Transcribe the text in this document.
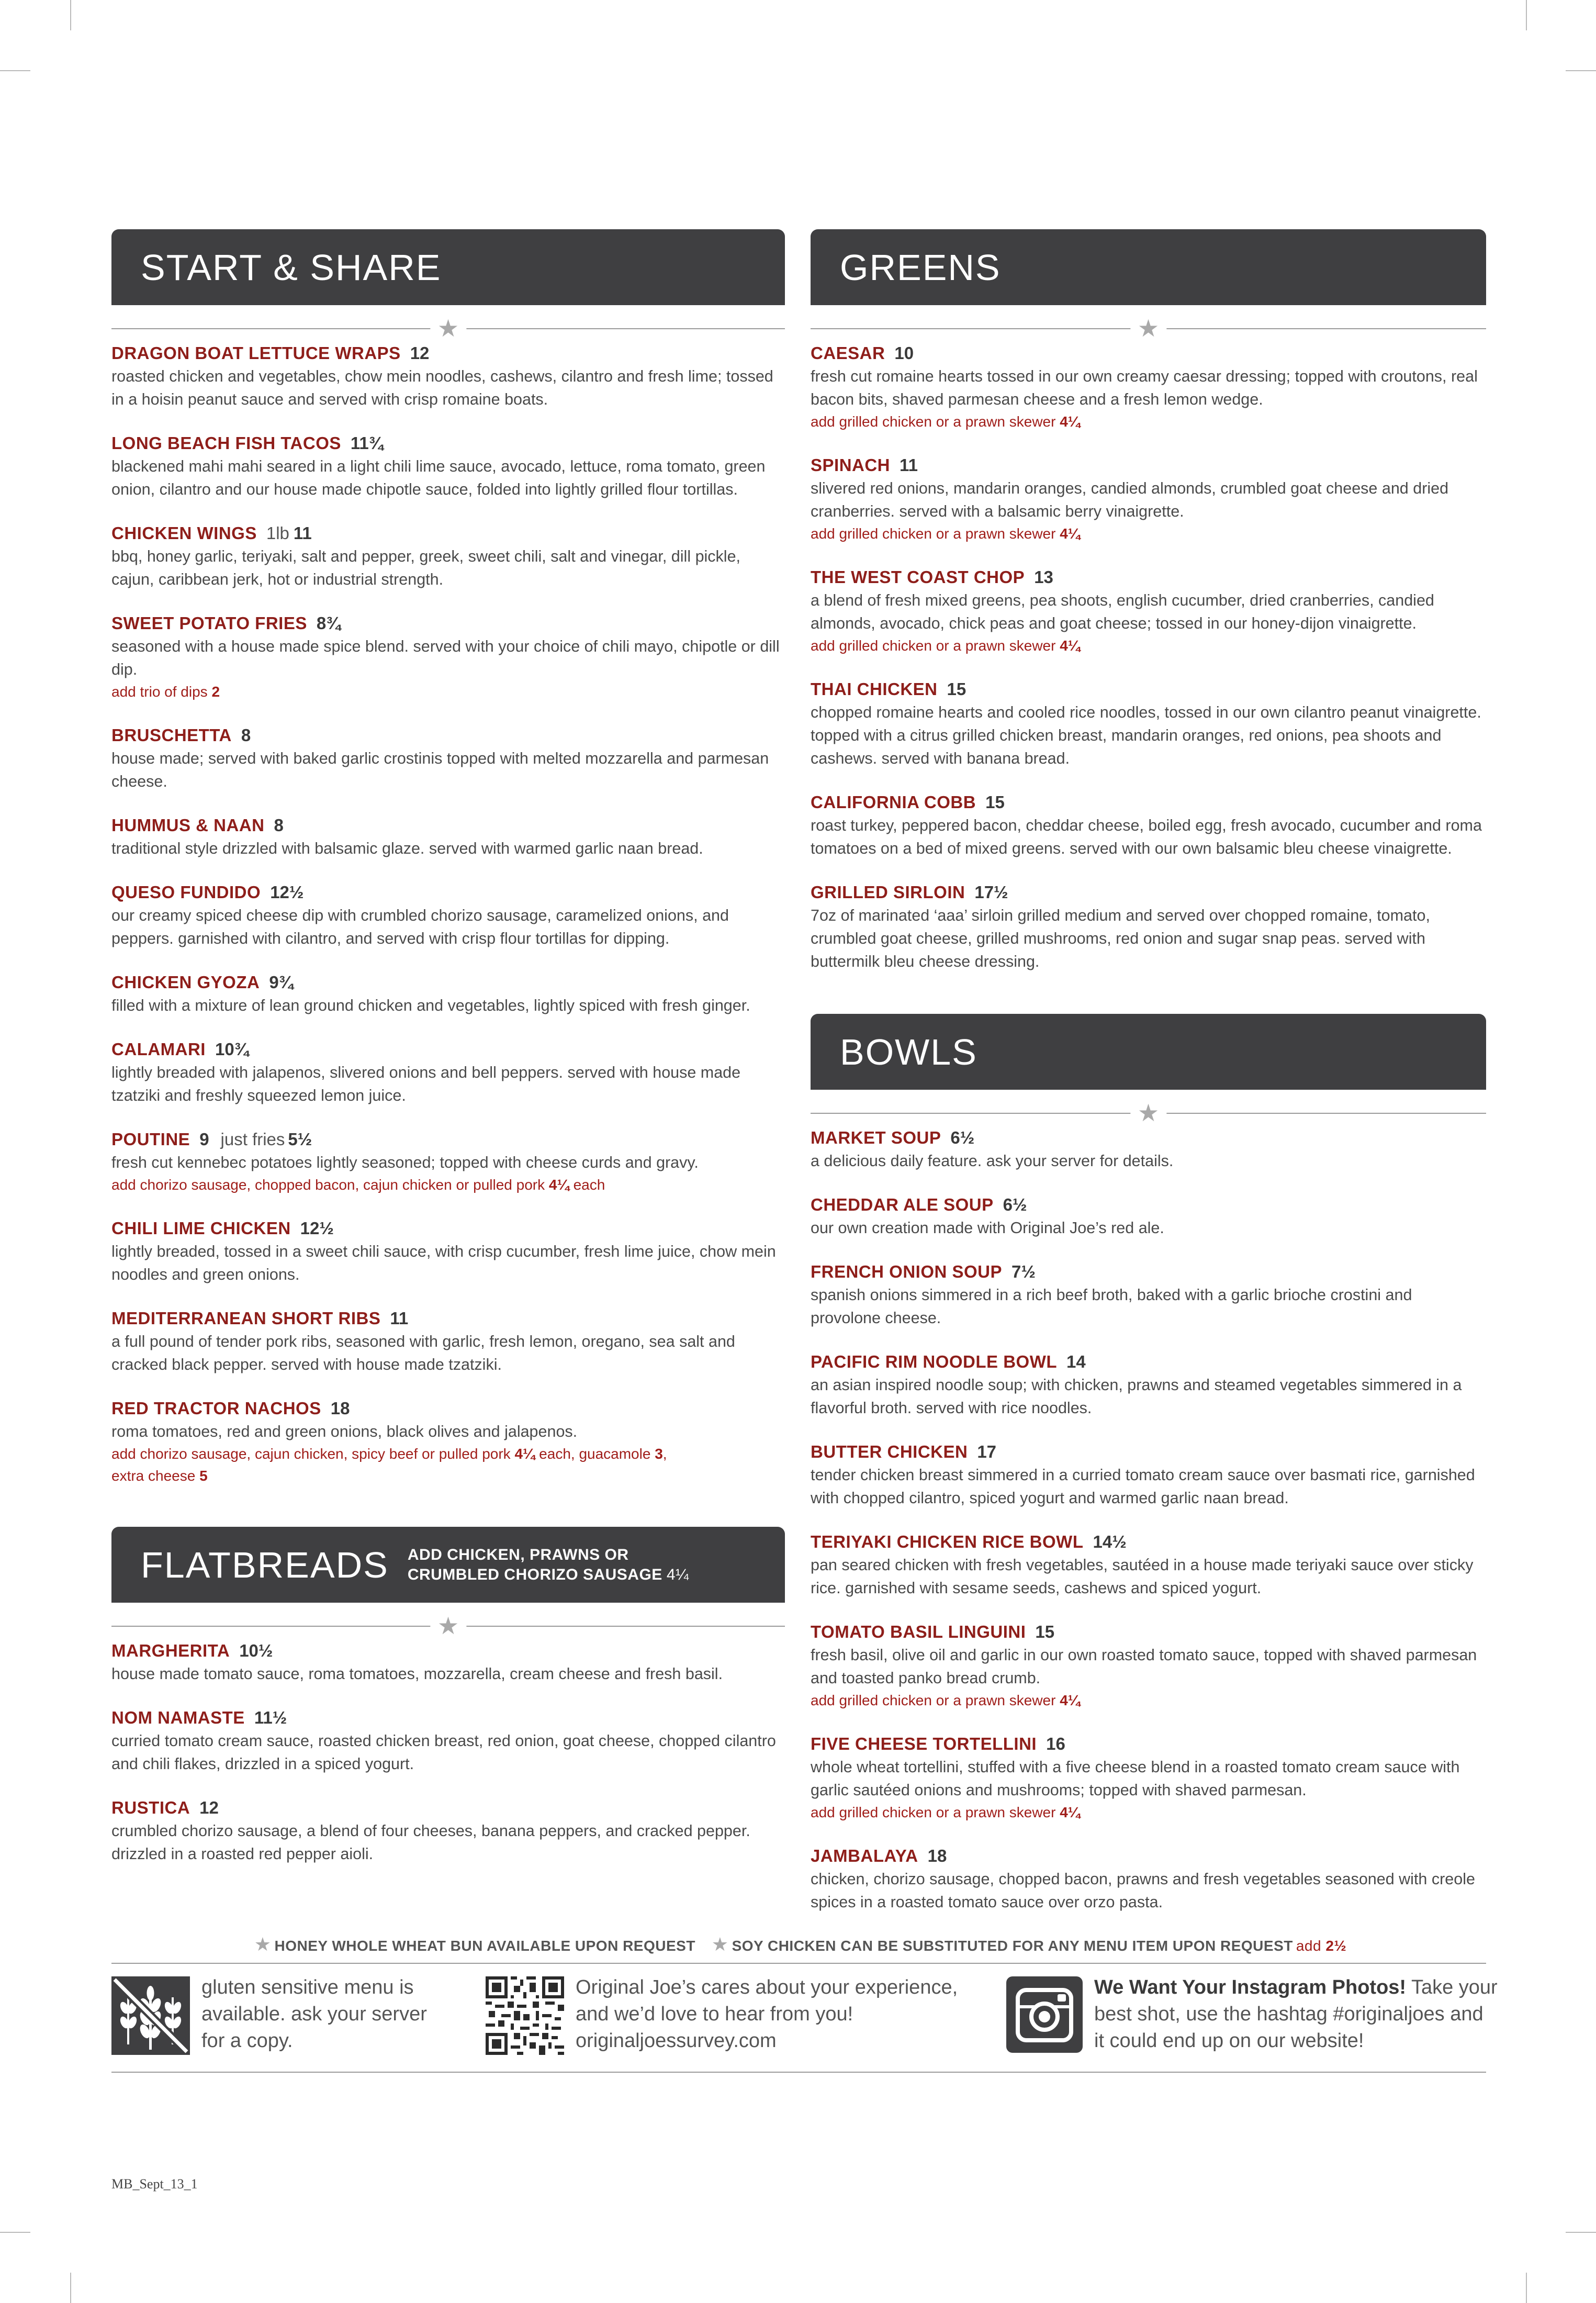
START & SHARE
★
DRAGON BOAT LETTUCE WRAPS 12
roasted chicken and vegetables, chow mein noodles, cashews, cilantro and fresh lime; tossed in a hoisin peanut sauce and served with crisp romaine boats.
LONG BEACH FISH TACOS 11¾
blackened mahi mahi seared in a light chili lime sauce, avocado, lettuce, roma tomato, green onion, cilantro and our house made chipotle sauce, folded into lightly grilled flour tortillas.
CHICKEN WINGS 1lb 11
bbq, honey garlic, teriyaki, salt and pepper, greek, sweet chili, salt and vinegar, dill pickle, cajun, caribbean jerk, hot or industrial strength.
SWEET POTATO FRIES 8¾
seasoned with a house made spice blend. served with your choice of chili mayo, chipotle or dill dip.
add trio of dips 2
BRUSCHETTA 8
house made; served with baked garlic crostinis topped with melted mozzarella and parmesan cheese.
HUMMUS & NAAN 8
traditional style drizzled with balsamic glaze. served with warmed garlic naan bread.
QUESO FUNDIDO 12½
our creamy spiced cheese dip with crumbled chorizo sausage, caramelized onions, and peppers. garnished with cilantro, and served with crisp flour tortillas for dipping.
CHICKEN GYOZA 9¾
filled with a mixture of lean ground chicken and vegetables, lightly spiced with fresh ginger.
CALAMARI 10¾
lightly breaded with jalapenos, slivered onions and bell peppers. served with house made tzatziki and freshly squeezed lemon juice.
POUTINE 9 just fries 5½
fresh cut kennebec potatoes lightly seasoned; topped with cheese curds and gravy.
add chorizo sausage, chopped bacon, cajun chicken or pulled pork 4¼ each
CHILI LIME CHICKEN 12½
lightly breaded, tossed in a sweet chili sauce, with crisp cucumber, fresh lime juice, chow mein noodles and green onions.
MEDITERRANEAN SHORT RIBS 11
a full pound of tender pork ribs, seasoned with garlic, fresh lemon, oregano, sea salt and cracked black pepper. served with house made tzatziki.
RED TRACTOR NACHOS 18
roma tomatoes, red and green onions, black olives and jalapenos.
add chorizo sausage, cajun chicken, spicy beef or pulled pork 4¼ each, guacamole 3,
extra cheese 5
FLATBREADS ADD CHICKEN, PRAWNS OR
CRUMBLED CHORIZO SAUSAGE 4¼
★
MARGHERITA 10½
house made tomato sauce, roma tomatoes, mozzarella, cream cheese and fresh basil.
NOM NAMASTE 11½
curried tomato cream sauce, roasted chicken breast, red onion, goat cheese, chopped cilantro and chili flakes, drizzled in a spiced yogurt.
RUSTICA 12
crumbled chorizo sausage, a blend of four cheeses, banana peppers, and cracked pepper. drizzled in a roasted red pepper aioli.
GREENS
★
CAESAR 10
fresh cut romaine hearts tossed in our own creamy caesar dressing; topped with croutons, real bacon bits, shaved parmesan cheese and a fresh lemon wedge.
add grilled chicken or a prawn skewer 4¼
SPINACH 11
slivered red onions, mandarin oranges, candied almonds, crumbled goat cheese and dried cranberries. served with a balsamic berry vinaigrette.
add grilled chicken or a prawn skewer 4¼
THE WEST COAST CHOP 13
a blend of fresh mixed greens, pea shoots, english cucumber, dried cranberries, candied almonds, avocado, chick peas and goat cheese; tossed in our honey-dijon vinaigrette.
add grilled chicken or a prawn skewer 4¼
THAI CHICKEN 15
chopped romaine hearts and cooled rice noodles, tossed in our own cilantro peanut vinaigrette. topped with a citrus grilled chicken breast, mandarin oranges, red onions, pea shoots and cashews. served with banana bread.
CALIFORNIA COBB 15
roast turkey, peppered bacon, cheddar cheese, boiled egg, fresh avocado, cucumber and roma tomatoes on a bed of mixed greens. served with our own balsamic bleu cheese vinaigrette.
GRILLED SIRLOIN 17½
7oz of marinated ‘aaa’ sirloin grilled medium and served over chopped romaine, tomato, crumbled goat cheese, grilled mushrooms, red onion and sugar snap peas. served with buttermilk bleu cheese dressing.
BOWLS
★
MARKET SOUP 6½
a delicious daily feature. ask your server for details.
CHEDDAR ALE SOUP 6½
our own creation made with Original Joe’s red ale.
FRENCH ONION SOUP 7½
spanish onions simmered in a rich beef broth, baked with a garlic brioche crostini and provolone cheese.
PACIFIC RIM NOODLE BOWL 14
an asian inspired noodle soup; with chicken, prawns and steamed vegetables simmered in a flavorful broth. served with rice noodles.
BUTTER CHICKEN 17
tender chicken breast simmered in a curried tomato cream sauce over basmati rice, garnished with chopped cilantro, spiced yogurt and warmed garlic naan bread.
TERIYAKI CHICKEN RICE BOWL 14½
pan seared chicken with fresh vegetables, sautéed in a house made teriyaki sauce over sticky rice. garnished with sesame seeds, cashews and spiced yogurt.
TOMATO BASIL LINGUINI 15
fresh basil, olive oil and garlic in our own roasted tomato sauce, topped with shaved parmesan and toasted panko bread crumb.
add grilled chicken or a prawn skewer 4¼
FIVE CHEESE TORTELLINI 16
whole wheat tortellini, stuffed with a five cheese blend in a roasted tomato cream sauce with garlic sautéed onions and mushrooms; topped with shaved parmesan.
add grilled chicken or a prawn skewer 4¼
JAMBALAYA 18
chicken, chorizo sausage, chopped bacon, prawns and fresh vegetables seasoned with creole spices in a roasted tomato sauce over orzo pasta.
★ HONEY WHOLE WHEAT BUN AVAILABLE UPON REQUEST ★ SOY CHICKEN CAN BE SUBSTITUTED FOR ANY MENU ITEM UPON REQUEST add 2½
gluten sensitive menu is
available. ask your server
for a copy.
Original Joe’s cares about your experience,
and we’d love to hear from you!
originaljoessurvey.com
We Want Your Instagram Photos! Take your
best shot, use the hashtag #originaljoes and
it could end up on our website!
MB_Sept_13_1
